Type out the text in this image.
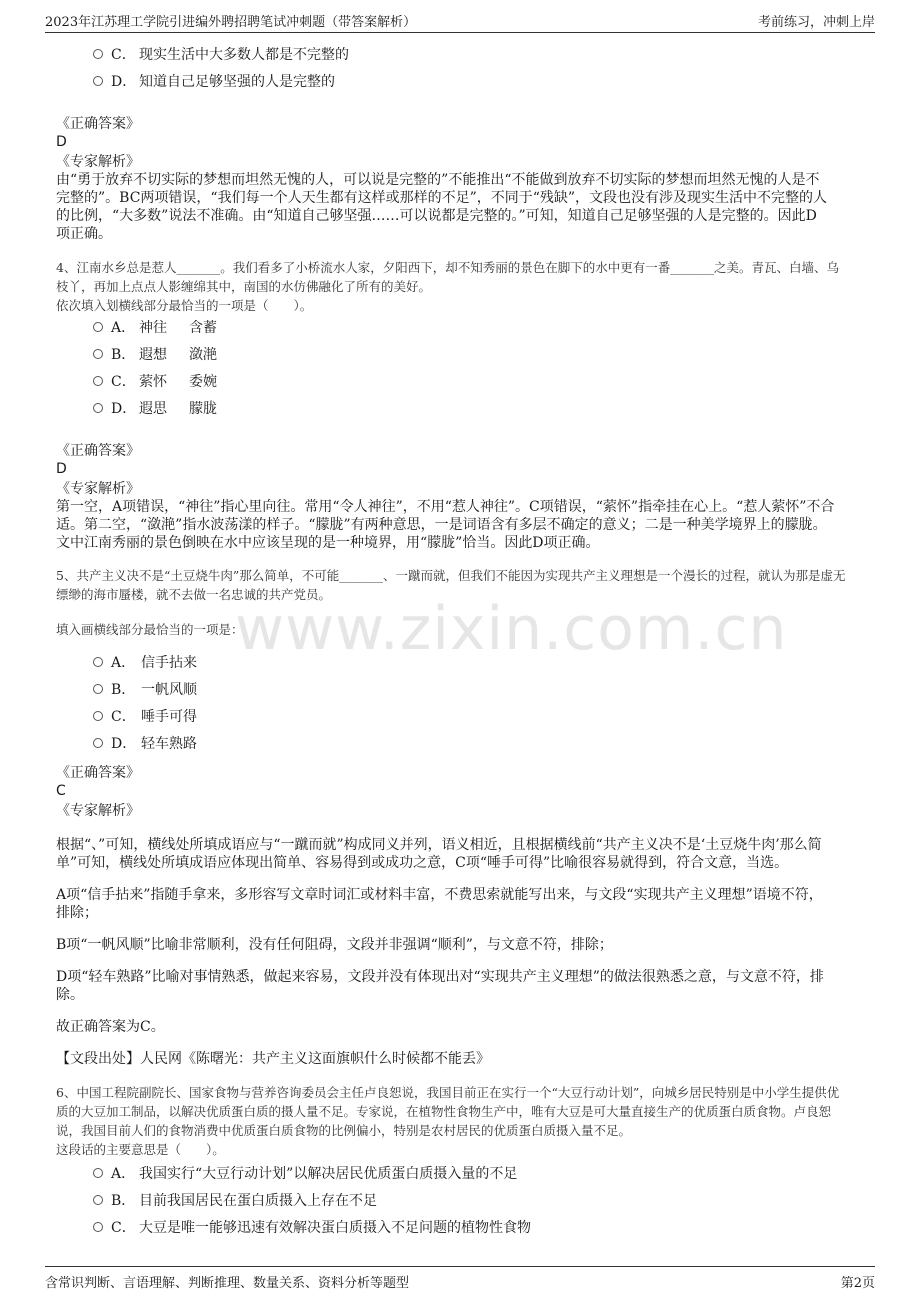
2023年江苏理工学院引进编外聘招聘笔试冲刺题（带答案解析）	考前练习，冲刺上岸
www.zixin.com.cn
C． 现实生活中大多数人都是不完整的
D． 知道自己足够坚强的人是完整的
《正确答案》
D
《专家解析》
由“勇于放弃不切实际的梦想而坦然无愧的人，可以说是完整的”不能推出“不能做到放弃不切实际的梦想而坦然无愧的人是不
完整的”。BC两项错误，“我们每一个人天生都有这样或那样的不足”，不同于“残缺”，文段也没有涉及现实生活中不完整的人
的比例，“大多数”说法不准确。由“知道自己够坚强……可以说都是完整的。”可知，知道自己足够坚强的人是完整的。因此D
项正确。
4、江南水乡总是惹人_______。我们看多了小桥流水人家，夕阳西下，却不知秀丽的景色在脚下的水中更有一番_______之美。青瓦、白墙、乌
枝丫，再加上点点人影缠绵其中，南国的水仿佛融化了所有的美好。
依次填入划横线部分最恰当的一项是（　　）。
A． 神往 含蓄
B． 遐想 潋滟
C． 萦怀 委婉
D． 遐思 朦胧
《正确答案》
D
《专家解析》
第一空，A项错误，“神往”指心里向往。常用“令人神往”，不用“惹人神往”。C项错误，“萦怀”指牵挂在心上。“惹人萦怀”不合
适。第二空，“潋滟”指水波荡漾的样子。“朦胧”有两种意思，一是词语含有多层不确定的意义；二是一种美学境界上的朦胧。
文中江南秀丽的景色倒映在水中应该呈现的是一种境界，用“朦胧”恰当。因此D项正确。
5、共产主义决不是“土豆烧牛肉”那么简单，不可能_______、一蹴而就，但我们不能因为实现共产主义理想是一个漫长的过程，就认为那是虚无
缥缈的海市蜃楼，就不去做一名忠诚的共产党员。
填入画横线部分最恰当的一项是：
A． 信手拈来
B． 一帆风顺
C． 唾手可得
D． 轻车熟路
《正确答案》
C
《专家解析》
根据“、”可知，横线处所填成语应与“一蹴而就”构成同义并列，语义相近，且根据横线前“共产主义决不是‘土豆烧牛肉’那么简
单”可知，横线处所填成语应体现出简单、容易得到或成功之意，C项“唾手可得”比喻很容易就得到，符合文意，当选。
A项“信手拈来”指随手拿来，多形容写文章时词汇或材料丰富，不费思索就能写出来，与文段“实现共产主义理想”语境不符，
排除；
B项“一帆风顺”比喻非常顺利，没有任何阻碍，文段并非强调“顺利”，与文意不符，排除；
D项“轻车熟路”比喻对事情熟悉，做起来容易，文段并没有体现出对“实现共产主义理想”的做法很熟悉之意，与文意不符，排
除。
故正确答案为C。
【文段出处】人民网《陈曙光：共产主义这面旗帜什么时候都不能丢》
6、中国工程院副院长、国家食物与营养咨询委员会主任卢良恕说，我国目前正在实行一个“大豆行动计划”，向城乡居民特别是中小学生提供优
质的大豆加工制品，以解决优质蛋白质的摄人量不足。专家说，在植物性食物生产中，唯有大豆是可大量直接生产的优质蛋白质食物。卢良恕
说，我国目前人们的食物消费中优质蛋白质食物的比例偏小，特别是农村居民的优质蛋白质摄入量不足。
这段话的主要意思是（　　）。
A． 我国实行“大豆行动计划”以解决居民优质蛋白质摄入量的不足
B． 目前我国居民在蛋白质摄入上存在不足
C． 大豆是唯一能够迅速有效解决蛋白质摄入不足问题的植物性食物
含常识判断、言语理解、判断推理、数量关系、资料分析等题型	第2页
